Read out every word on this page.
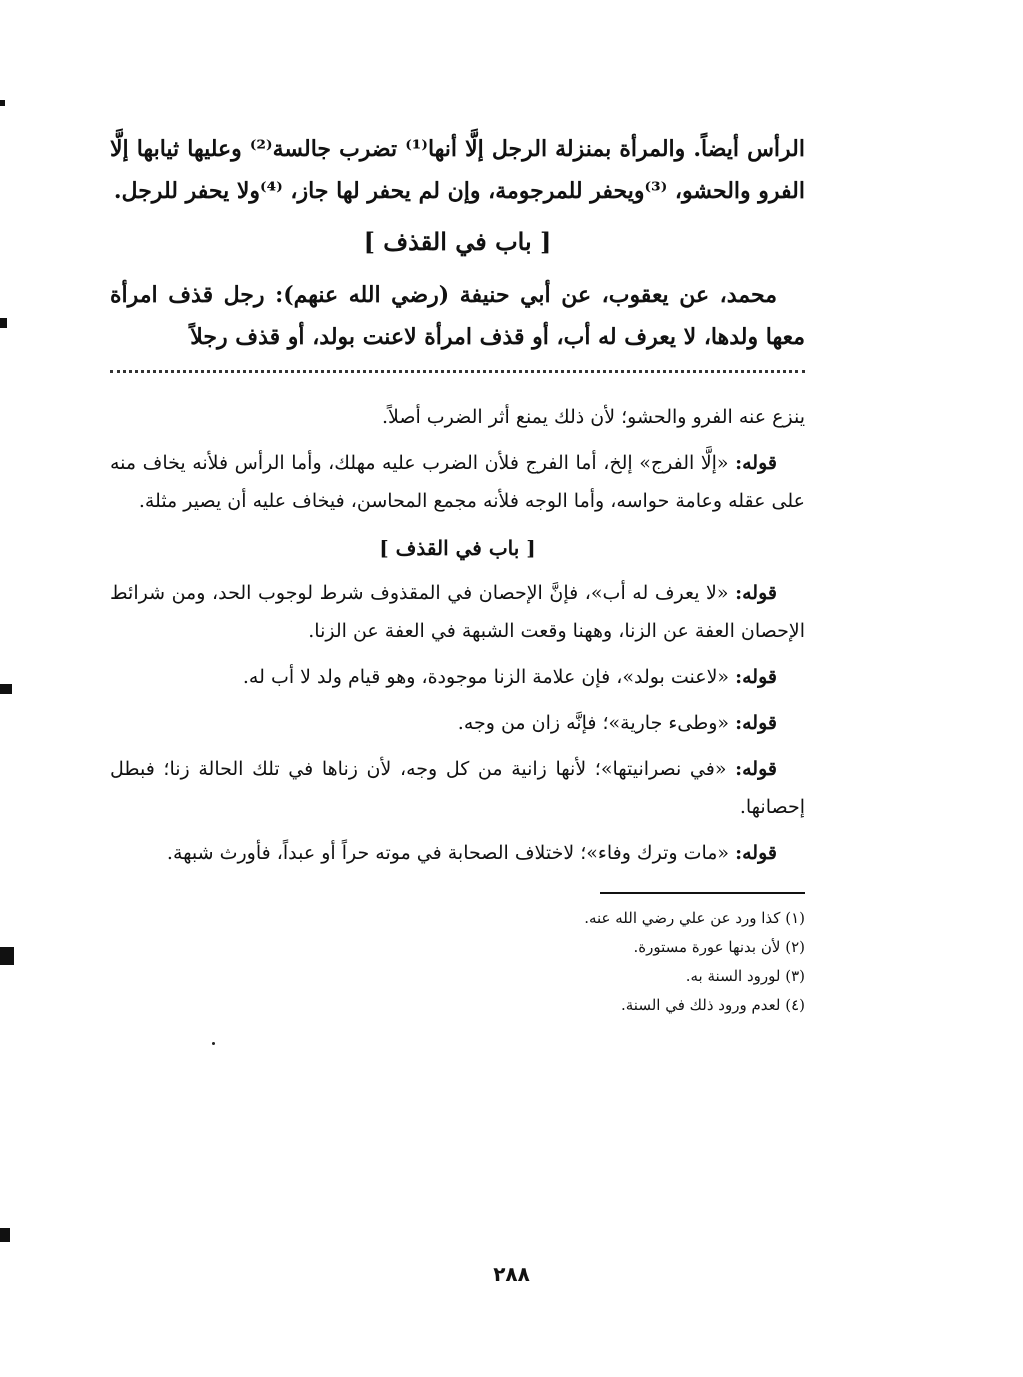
الرأس أيضاً. والمرأة بمنزلة الرجل إلَّا أنها⁽¹⁾ تضرب جالسة⁽²⁾ وعليها ثيابها إلَّا الفرو والحشو، ⁽³⁾ويحفر للمرجومة، وإن لم يحفر لها جاز، ⁽⁴⁾ولا يحفر للرجل.

[ باب في القذف ]

محمد، عن يعقوب، عن أبي حنيفة (رضي الله عنهم): رجل قذف امرأة معها ولدها، لا يعرف له أب، أو قذف امرأة لاعنت بولد، أو قذف رجلاً

ينزع عنه الفرو والحشو؛ لأن ذلك يمنع أثر الضرب أصلاً.

قوله: «إلَّا الفرج» إلخ، أما الفرج فلأن الضرب عليه مهلك، وأما الرأس فلأنه يخاف منه على عقله وعامة حواسه، وأما الوجه فلأنه مجمع المحاسن، فيخاف عليه أن يصير مثلة.

[ باب في القذف ]

قوله: «لا يعرف له أب»، فإنَّ الإحصان في المقذوف شرط لوجوب الحد، ومن شرائط الإحصان العفة عن الزنا، وههنا وقعت الشبهة في العفة عن الزنا.

قوله: «لاعنت بولد»، فإن علامة الزنا موجودة، وهو قيام ولد لا أب له.

قوله: «وطىء جارية»؛ فإنَّه زان من وجه.

قوله: «في نصرانيتها»؛ لأنها زانية من كل وجه، لأن زناها في تلك الحالة زنا؛ فبطل إحصانها.

قوله: «مات وترك وفاء»؛ لاختلاف الصحابة في موته حراً أو عبداً، فأورث شبهة.

(١) كذا ورد عن علي رضي الله عنه.

(٢) لأن بدنها عورة مستورة.

(٣) لورود السنة به.

(٤) لعدم ورود ذلك في السنة.

٢٨٨
